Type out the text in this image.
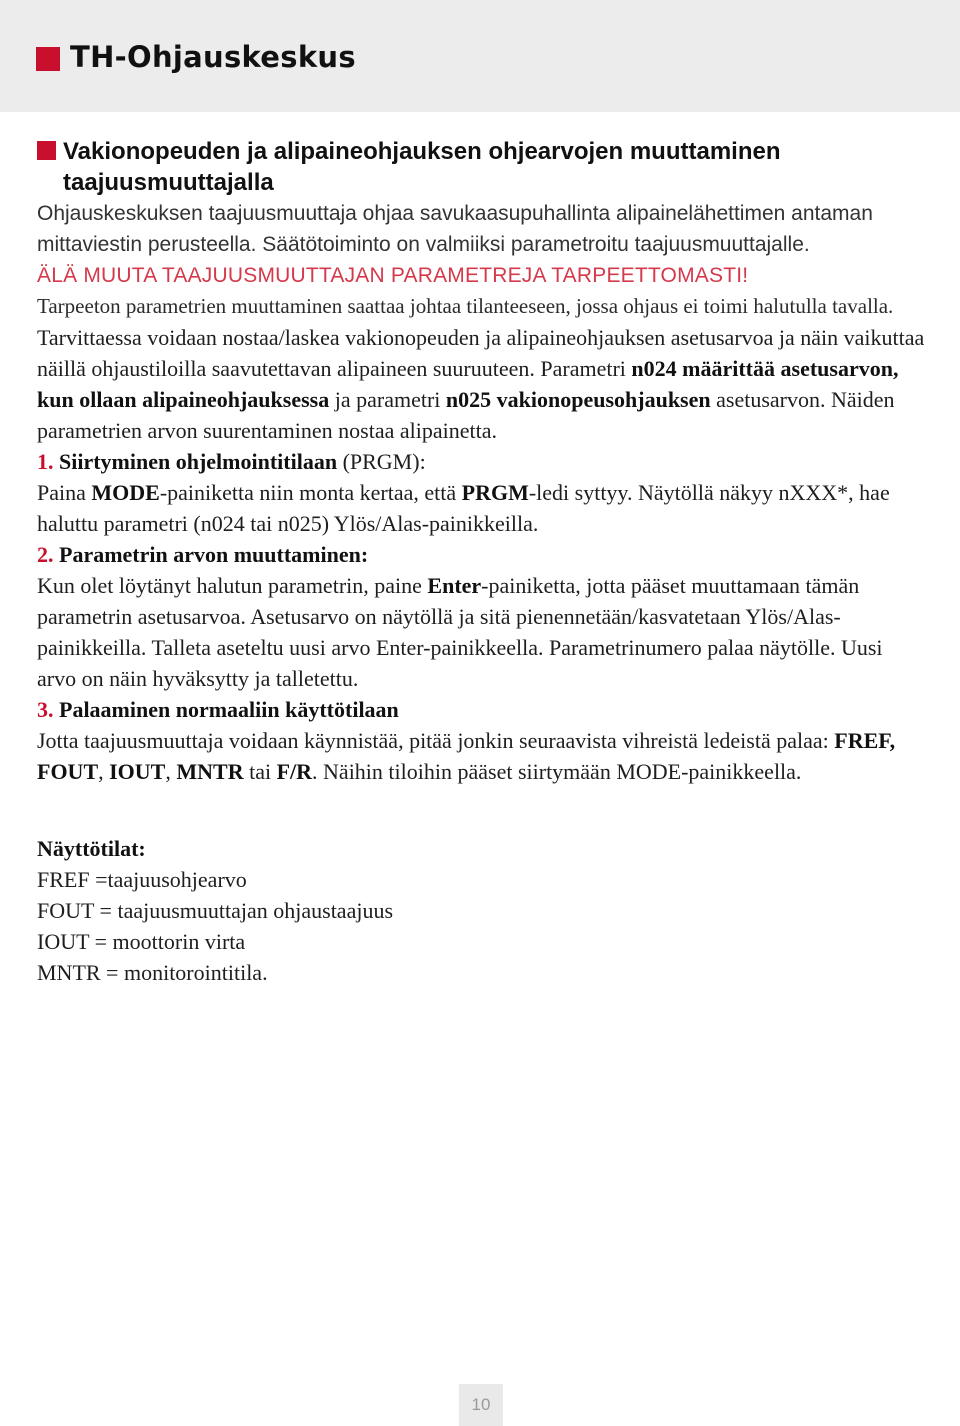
TH-Ohjauskeskus
Vakionopeuden ja alipaineohjauksen ohjearvojen muuttaminen taajuusmuuttajalla

Ohjauskeskuksen taajuusmuuttaja ohjaa savukaasupuhallinta alipainelähettimen antaman mittaviestin perusteella. Säätötoiminto on valmiiksi parametroitu taajuusmuuttajalle.

ÄLÄ MUUTA TAAJUUSMUUTTAJAN PARAMETREJA TARPEETTOMASTI!

Tarpeeton parametrien muuttaminen saattaa johtaa tilanteeseen, jossa ohjaus ei toimi halutulla tavalla.

Tarvittaessa voidaan nostaa/laskea vakionopeuden ja alipaineohjauksen asetusarvoa ja näin vaikuttaa näillä ohjaustiloilla saavutettavan alipaineen suuruuteen. Parametri n024 määrittää asetusarvon, kun ollaan alipaineohjauksessa ja parametri n025 vakionopeusohjauksen asetusarvon. Näiden parametrien arvon suurentaminen nostaa alipainetta.

1. Siirtyminen ohjelmointitilaan (PRGM):

Paina MODE-painiketta niin monta kertaa, että PRGM-ledi syttyy. Näytöllä näkyy nXXX*, hae haluttu parametri (n024 tai n025) Ylös/Alas-painikkeilla.

2. Parametrin arvon muuttaminen:

Kun olet löytänyt halutun parametrin, paine Enter-painiketta, jotta pääset muuttamaan tämän parametrin asetusarvoa. Asetusarvo on näytöllä ja sitä pienennetään/kasvatetaan Ylös/Alas-painikkeilla. Talleta aseteltu uusi arvo Enter-painikkeella. Parametrinumero palaa näytölle. Uusi arvo on näin hyväksytty ja talletettu.

3. Palaaminen normaaliin käyttötilaan

Jotta taajuusmuuttaja voidaan käynnistää, pitää jonkin seuraavista vihreistä ledeistä palaa: FREF, FOUT, IOUT, MNTR tai F/R. Näihin tiloihin pääset siirtymään MODE-painikkeella.

Näyttötilat:

FREF =taajuusohjearvo

FOUT = taajuusmuuttajan ohjaustaajuus

IOUT = moottorin virta

MNTR = monitorointitila.

10
